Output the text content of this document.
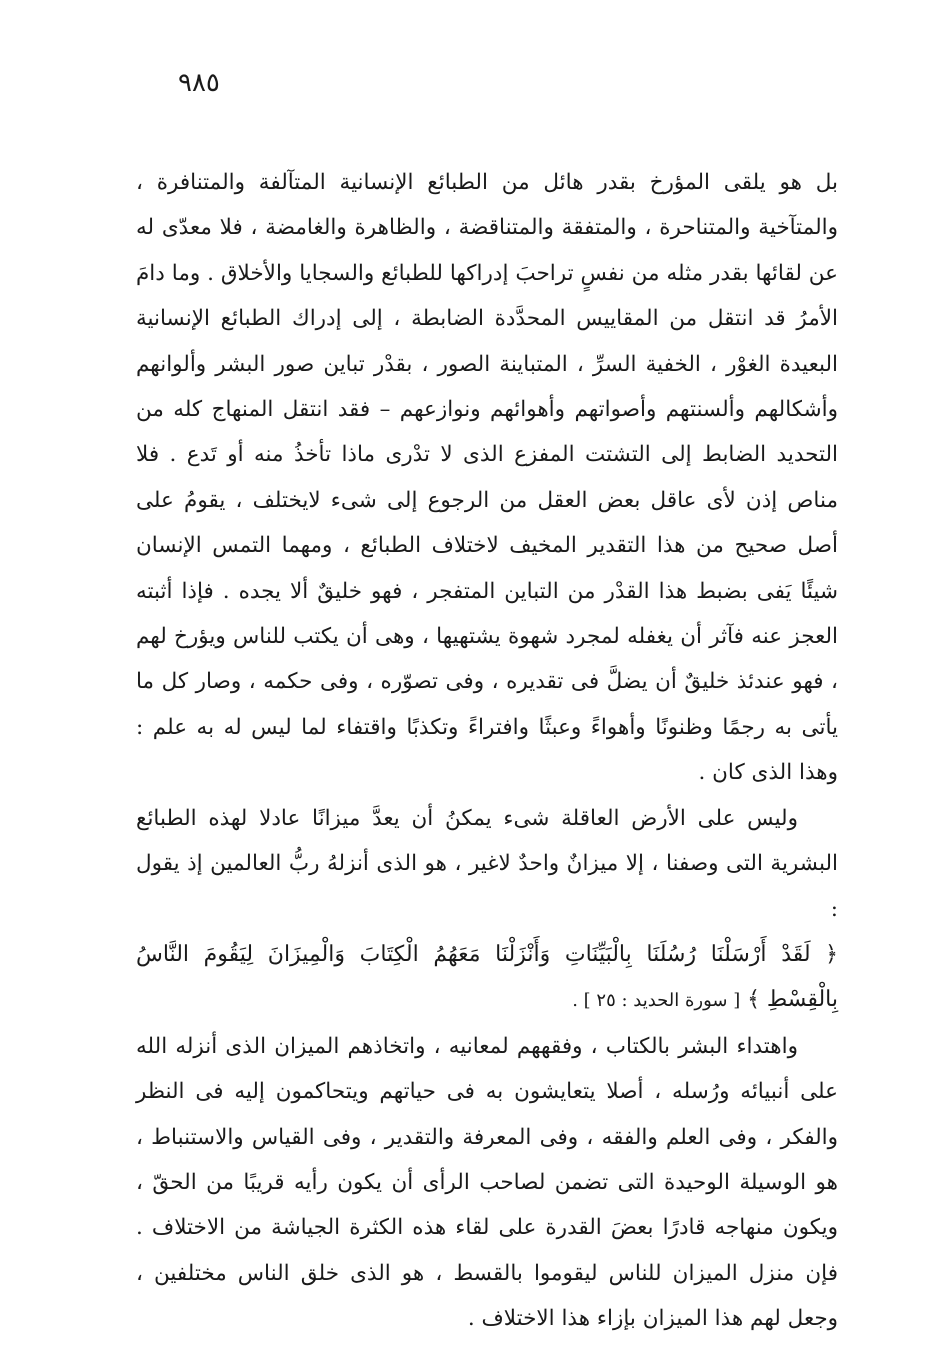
٩٨٥

بل هو يلقى المؤرخ بقدر هائل من الطبائع الإنسانية المتآلفة والمتنافرة ، والمتآخية والمتناحرة ، والمتفقة والمتناقضة ، والظاهرة والغامضة ، فلا معدّى له عن لقائها بقدر مثله من نفسٍ تراحبَ إدراكها للطبائع والسجايا والأخلاق . وما دامَ الأمرُ قد انتقل من المقاييس المحدَّدة الضابطة ، إلى إدراك الطبائع الإنسانية البعيدة الغوْر ، الخفية السرِّ ، المتباينة الصور ، بقدْر تباين صور البشر وألوانهم وأشكالهم وألسنتهم وأصواتهم وأهوائهم ونوازعهم – فقد انتقل المنهاج كله من التحديد الضابط إلى التشتت المفزع الذى لا تدْرى ماذا تأخذُ منه أو تَدع . فلا مناص إذن لأى عاقل بعض العقل من الرجوع إلى شىء لايختلف ، يقومُ على أصل صحيح من هذا التقدير المخيف لاختلاف الطبائع ، ومهما التمس الإنسان شيئًا يَفى بضبط هذا القدْر من التباين المتفجر ، فهو خليقٌ ألا يجده . فإذا أثبته العجز عنه فآثر أن يغفله لمجرد شهوة يشتهيها ، وهى أن يكتب للناس ويؤرخ لهم ، فهو عندئذ خليقٌ أن يضلَّ فى تقديره ، وفى تصوّره ، وفى حكمه ، وصار كل ما يأتى به رجمًا وظنونًا وأهواءً وعبثًا وافتراءً وتكذبًا واقتفاء لما ليس له به علم : وهذا الذى كان .

وليس على الأرض العاقلة شىء يمكنُ أن يعدَّ ميزانًا عادلا لهذه الطبائع البشرية التى وصفنا ، إلا ميزانٌ واحدٌ لاغير ، هو الذى أنزلهُ ربُّ العالمين إذ يقول :

﴿ لَقَدْ أَرْسَلْنَا رُسُلَنَا بِالْبَيِّنَاتِ وَأَنْزَلْنَا مَعَهُمُ الْكِتَابَ وَالْمِيزَانَ لِيَقُومَ النَّاسُ بِالْقِسْطِ ﴾ [ سورة الحديد : ٢٥ ] .

واهتداء البشر بالكتاب ، وفقههم لمعانيه ، واتخاذهم الميزان الذى أنزله الله على أنبيائه ورُسله ، أصلا يتعايشون به فى حياتهم ويتحاكمون إليه فى النظر والفكر ، وفى العلم والفقه ، وفى المعرفة والتقدير ، وفى القياس والاستنباط ، هو الوسيلة الوحيدة التى تضمن لصاحب الرأى أن يكون رأيه قريبًا من الحقّ ، ويكون منهاجه قادرًا بعضَ القدرة على لقاء هذه الكثرة الجياشة من الاختلاف . فإن منزل الميزان للناس ليقوموا بالقسط ، هو الذى خلق الناس مختلفين ، وجعل لهم هذا الميزان بإزاء هذا الاختلاف .
